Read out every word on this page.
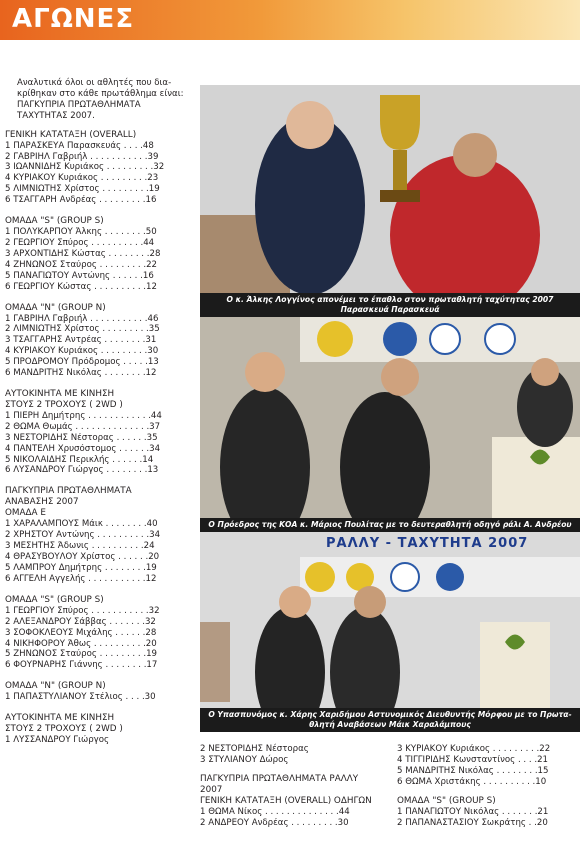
ΑΓΩΝΕΣ
Αναλυτικά όλοι οι αθλητές που δια-
κρίθηκαν στο κάθε πρωτάθλημα είναι:
ΠΑΓΚΥΠΡΙΑ ΠΡΩΤΑΘΛΗΜΑΤΑ
ΤΑΧΥΤΗΤΑΣ 2007.
ΓΕΝΙΚΗ ΚΑΤΑΤΑΞΗ (OVERALL)
1 ΠΑΡΑΣΚΕΥΑ Παρασκευάς . . . .48
2 ΓΑΒΡΙΗΛ Γαβριήλ . . . . . . . . . . .39
3 ΙΩΑΝΝΙΔΗΣ Κυριάκος . . . . . . . . .32
4 ΚΥΡΙΑΚΟΥ Κυριάκος . . . . . . . . .23
5 ΛΙΜΝΙΩΤΗΣ Χρίστος . . . . . . . . .19
6 ΤΣΑΓΓΑΡΗ Ανδρέας . . . . . . . . .16
ΟΜΑΔΑ "S" (GROUP S)
1 ΠΟΛΥΚΑΡΠΟΥ Άλκης . . . . . . . .50
2 ΓΕΩΡΓΙΟΥ Σπύρος . . . . . . . . . .44
3 ΑΡΧΟΝΤΙΔΗΣ Κώστας . . . . . . . .28
4 ΖΗΝΩΝΟΣ Σταύρος . . . . . . . . .22
5 ΠΑΝΑΓΙΩΤΟΥ Αντώνης . . . . . .16
6 ΓΕΩΡΓΙΟΥ Κώστας . . . . . . . . . .12
ΟΜΑΔΑ "N" (GROUP N)
1 ΓΑΒΡΙΗΛ Γαβριήλ . . . . . . . . . . .46
2 ΛΙΜΝΙΩΤΗΣ Χρίστος . . . . . . . . .35
3 ΤΣΑΓΓΑΡΗΣ Αντρέας . . . . . . . .31
4 ΚΥΡΙΑΚΟΥ Κυριάκος . . . . . . . . .30
5 ΠΡΟΔΡΟΜΟΥ Πρόδρομος . . . . .13
6 ΜΑΝΔΡΙΤΗΣ Νικόλας . . . . . . . .12
ΑΥΤΟΚΙΝΗΤΑ ΜΕ ΚΙΝΗΣΗ
ΣΤΟΥΣ 2 ΤΡΟΧΟΥΣ ( 2WD )
1 ΠΙΕΡΗ Δημήτρης . . . . . . . . . . . .44
2 ΘΩΜΑ Θωμάς . . . . . . . . . . . . . .37
3 ΝΕΣΤΟΡΙΔΗΣ Νέστορας . . . . . .35
4 ΠΑΝΤΕΛΗ Χρυσόστομος . . . . . .34
5 ΝΙΚΟΛΑΙΔΗΣ Περικλής . . . . . .14
6 ΛΥΣΑΝΔΡΟΥ Γιώργος . . . . . . . .13
ΠΑΓΚΥΠΡΙΑ ΠΡΩΤΑΘΛΗΜΑΤΑ
ΑΝΑΒΑΣΗΣ 2007
ΟΜΑΔΑ Ε
1 ΧΑΡΑΛΑΜΠΟΥΣ Μάικ . . . . . . . .40
2 ΧΡΗΣΤΟΥ Αντώνης . . . . . . . . . .34
3 ΜΕΣΗΤΗΣ Άδωνις . . . . . . . . . .24
4 ΘΡΑΣΥΒΟΥΛΟΥ Χρίστος . . . . . .20
5 ΛΑΜΠΡΟΥ Δημήτρης . . . . . . . .19
6 ΑΓΓΕΛΗ Αγγελής . . . . . . . . . . .12
ΟΜΑΔΑ "S" (GROUP S)
1 ΓΕΩΡΓΙΟΥ Σπύρος . . . . . . . . . . .32
2 ΑΛΕΞΑΝΔΡΟΥ Σάββας . . . . . . .32
3 ΣΟΦΟΚΛΕΟΥΣ Μιχάλης . . . . . .28
4 ΝΙΚΗΦΟΡΟΥ Άθως . . . . . . . . . .20
5 ΖΗΝΩΝΟΣ Σταύρος . . . . . . . . .19
6 ΦΟΥΡΝΑΡΗΣ Γιάννης . . . . . . . .17
ΟΜΑΔΑ "N" (GROUP N)
1 ΠΑΠΑΣΤΥΛΙΑΝΟΥ Στέλιος . . . .30
ΑΥΤΟΚΙΝΗΤΑ ΜΕ ΚΙΝΗΣΗ
ΣΤΟΥΣ 2 ΤΡΟΧΟΥΣ ( 2WD )
1 ΛΥΣΣΑΝΔΡΟΥ Γιώργος
Ο κ. Άλκης Λογγίνος απονέμει το έπαθλο στον πρωταθλητή ταχύτητας 2007
Παρασκευά Παρασκευά
Ο Πρόεδρος της ΚΟΑ κ. Μάριος Πουλίτας με το δευτεραθλητή οδηγό ράλι Α. Ανδρέου
ΡΑΛΛΥ - ΤΑΧΥΤΗΤΑ 2007
Ο Υπασπυνόμος κ. Χάρης Χαριδήμου Αστυνομικός Διευθυντής Μόρφου με το Πρωτα-
θλητή Αναβάσεων Μάικ Χαραλάμπους
2 ΝΕΣΤΟΡΙΔΗΣ Νέστορας
3 ΣΤΥΛΙΑΝΟΥ Δώρος
ΠΑΓΚΥΠΡΙΑ ΠΡΩΤΑΘΛΗΜΑΤΑ ΡΑΛΛΥ
2007
ΓΕΝΙΚΗ ΚΑΤΑΤΑΞΗ (OVERALL) ΟΔΗΓΩΝ
1 ΘΩΜΑ Νίκος . . . . . . . . . . . . . .44
2 ΑΝΔΡΕΟΥ Ανδρέας . . . . . . . . .30
3 ΚΥΡΙΑΚΟΥ Κυριάκος . . . . . . . . .22
4 ΤΙΓΓΙΡΙΔΗΣ Κωνσταντίνος . . . .21
5 ΜΑΝΔΡΙΤΗΣ Νικόλας . . . . . . . .15
6 ΘΩΜΑ Χριστάκης . . . . . . . . . .10
ΟΜΑΔΑ "S" (GROUP S)
1 ΠΑΝΑΓΙΩΤΟΥ Νικόλας . . . . . . .21
2 ΠΑΠΑΝΑΣΤΑΣΙΟΥ Σωκράτης . .20
